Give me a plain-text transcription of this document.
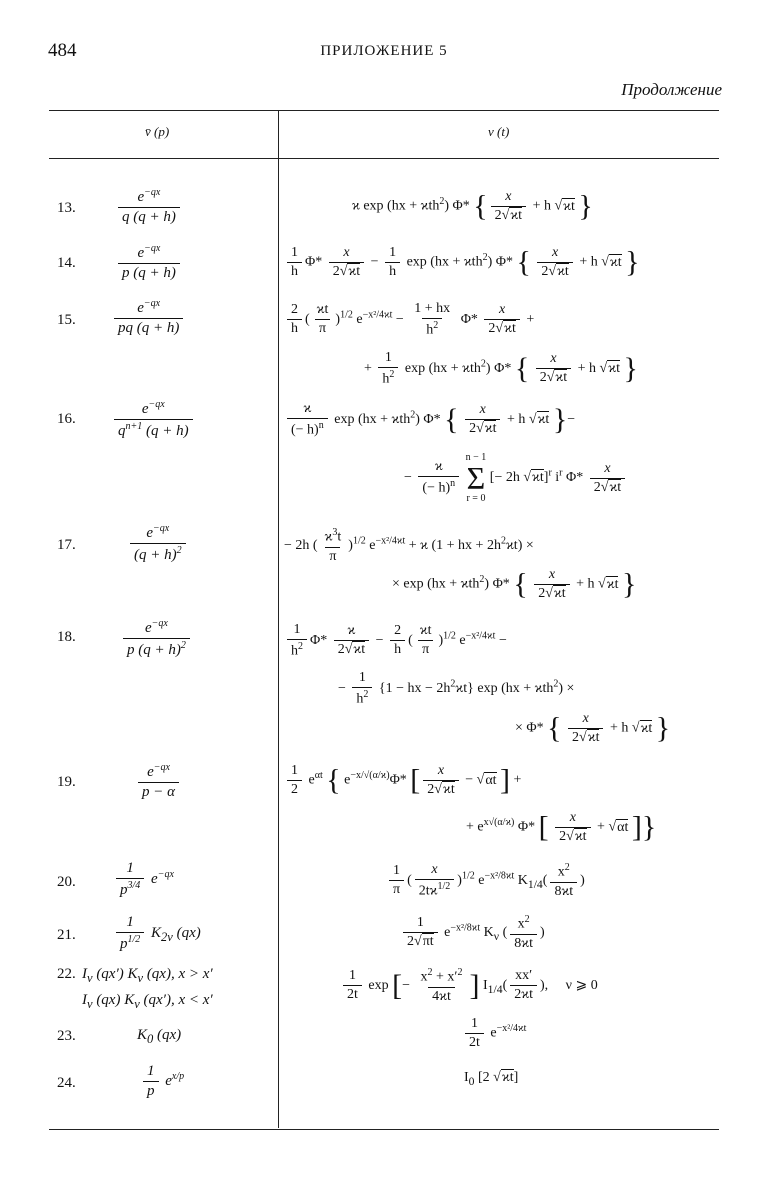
484	ПРИЛОЖЕНИЕ 5
Продолжение
v̄ (p)	v (t)
13.
14.
15.
16.
17.
18.
19.
20.
21.
22.
23.
24.
$\frac{e^{-qx}}{q (q + h)}$
$\frac{e^{-qx}}{p (q + h)}$
$\frac{e^{-qx}}{pq (q + h)}$
$\frac{e^{-qx}}{q^{n+1} (q + h)}$
$\frac{e^{-qx}}{(q + h)^2}$
$\frac{e^{-qx}}{p (q + h)^2}$
$\frac{e^{-qx}}{p - \alpha}$
$\frac{1}{p^{3/4}} e^{-qx}$
$\frac{1}{p^{1/2}} K_{2\nu}$ (qx)
$I_\nu$ (qx′) $K_\nu$ (qx), x > x′
$I_\nu$ (qx) $K_\nu$ (qx′), x < x′
$K_0$ (qx)
$\frac{1}{p} e^{x/p}$
ϰ exp (hx + ϰth$^2$) Φ* { $\frac{x}{2√ϰt} + h$ √ϰt }
$\frac{1}{h} \Phi* \frac{x}{2√ϰt} - \frac{1}{h}$ exp (hx + ϰth$^2$) Φ* { $\frac{x}{2√ϰt} + h$ √ϰt }
$\frac{2}{h}$ ( $\frac{ϰt}{\pi} )^{1/2}$ $e^{-x^2/4ϰt} - \frac{1 + hx}{h^2} \Phi* \frac{x}{2√ϰt}$ +
+ $\frac{1}{h^2}$ exp (hx + ϰth$^2$) Φ* { $\frac{x}{2√ϰt} + h$ √ϰt }
$\frac{ϰ}{(- h)^n}$ exp (hx + ϰth$^2$) Φ* { $\frac{x}{2√ϰt} + h$ √ϰt }−
− $\frac{ϰ}{(- h)^n}$

n − 1
Σ
r = 0
[− 2h √ϰt]$^r$ $i^r$ $\Phi* \frac{x}{2√ϰt}$
− 2h ( $\frac{ϰ^3t}{\pi} )^{1/2}$ $e^{-x^2/4ϰt} + ϰ$ (1 + hx + $2h^2ϰt$) ×
× exp (hx + ϰth$^2$) Φ* { $\frac{x}{2√ϰt} + h$ √ϰt }
$\frac{1}{h^2} \Phi* \frac{ϰ}{2√ϰt} - \frac{2}{h}$ ( $\frac{ϰt}{\pi} )^{1/2}$ $e^{-x^2/4ϰt}$ −
− $\frac{1}{h^2} \{1$ − hx − $2h^2ϰt$} exp (hx + ϰth$^2$) ×
× Φ* { $\frac{x}{2√ϰt} + h$ √ϰt }
$\frac{1}{2} e^{\alpha t}$ { $e^{-x/√(\alpha/ϰ)}\Phi*$ [ $\frac{x}{2√ϰt} - √\alpha t$ ] +
+ $e^{x√(\alpha/ϰ)}$ Φ* [ $\frac{x}{2√ϰt} + √\alpha t$ ]}
$\frac{1}{\pi}$ ( $\frac{x}{2tϰ^{1/2}} )^{1/2}$ $e^{-x^2/8ϰt}$ $K_{1/4}( \frac{x^2}{8ϰt}$ )
$\frac{1}{2√\pi t} e^{-x^2/8ϰt}$ $K_\nu$ ( $\frac{x^2}{8ϰt}$ )
$\frac{1}{2t}$ exp [− $\frac{x^2 + x'^2}{4ϰt}$ ] $I_{1/4}( \frac{xx'}{2ϰt}$ ),     ν ⩾ 0
$\frac{1}{2t} e^{-x^2/4ϰt}$
$I_0$ [2 √ϰt]
